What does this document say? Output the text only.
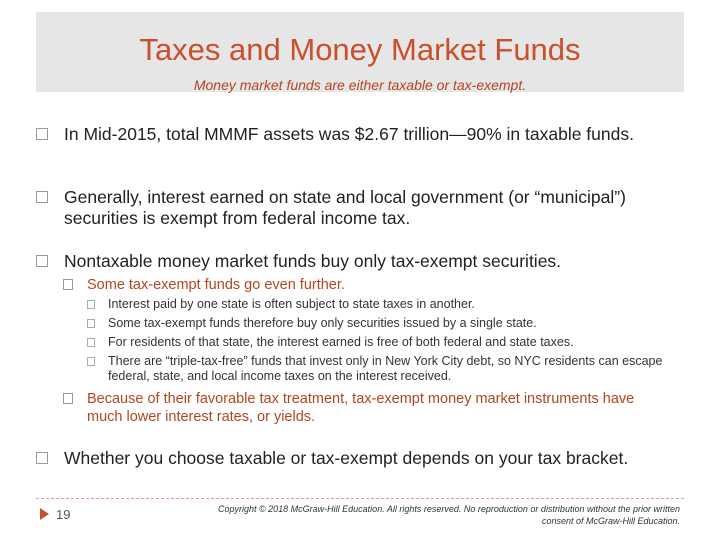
Taxes and Money Market Funds
Money market funds are either taxable or tax-exempt.
In Mid-2015, total MMMF assets was $2.67 trillion—90% in taxable funds.
Generally, interest earned on state and local government (or “municipal”) securities is exempt from federal income tax.
Nontaxable money market funds buy only tax-exempt securities.
Some tax-exempt funds go even further.
Interest paid by one state is often subject to state taxes in another.
Some tax-exempt funds therefore buy only securities issued by a single state.
For residents of that state, the interest earned is free of both federal and state taxes.
There are “triple-tax-free” funds that invest only in New York City debt, so NYC residents can escape federal, state, and local income taxes on the interest received.
Because of their favorable tax treatment, tax-exempt money market instruments have much lower interest rates, or yields.
Whether you choose taxable or tax-exempt depends on your tax bracket.
19	Copyright © 2018 McGraw-Hill Education. All rights reserved. No reproduction or distribution without the prior written consent of McGraw-Hill Education.
